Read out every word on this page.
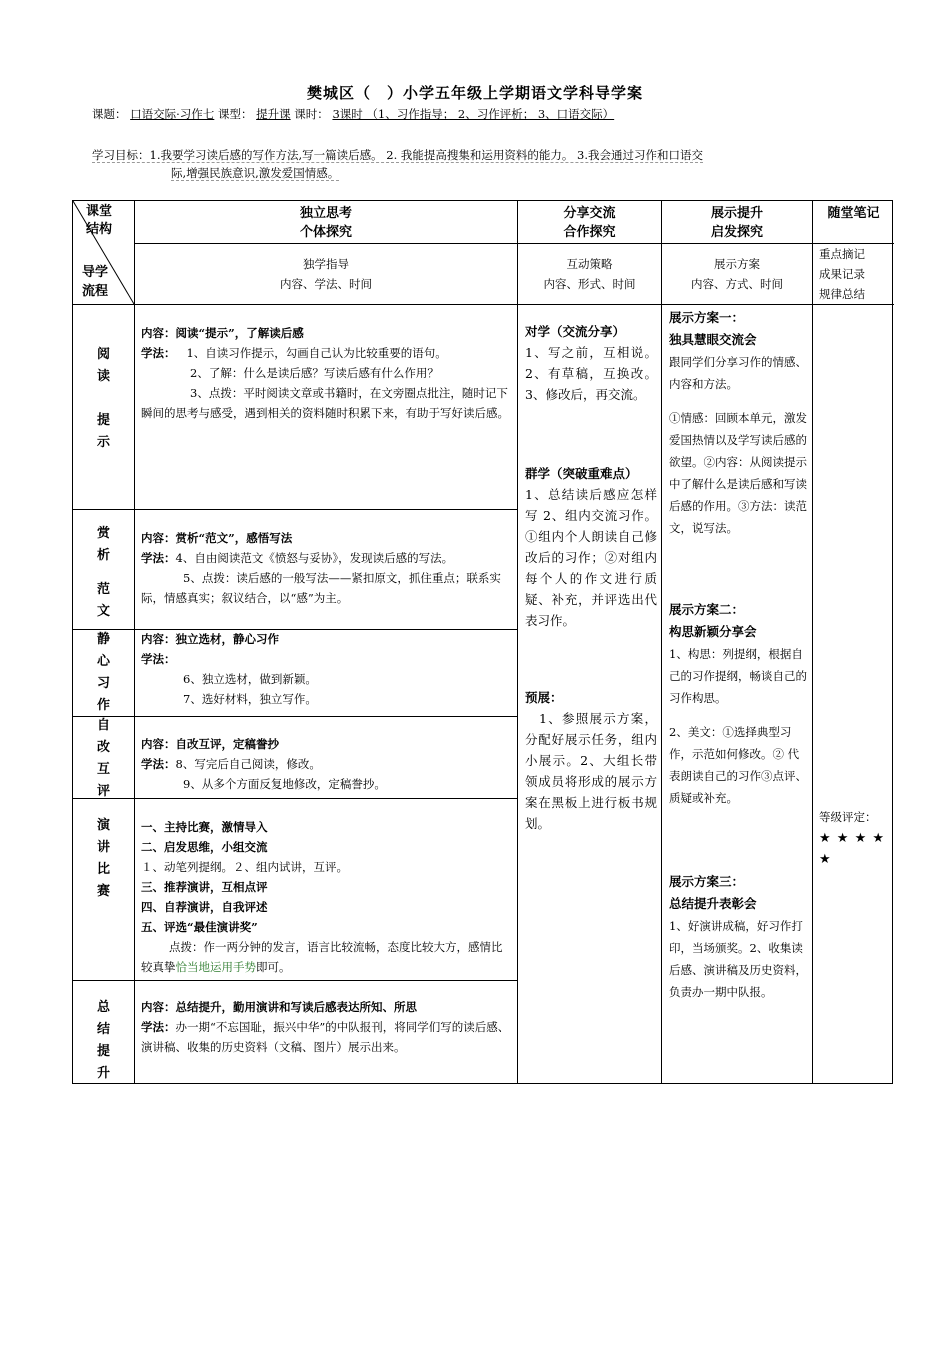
樊城区（　）小学五年级上学期语文学科导学案
课题： 口语交际·习作七 课型： 提升课 课时： 3课时 （1、习作指导； 2、习作评析； 3、口语交际）
学习目标：1.我要学习读后感的写作方法,写一篇读后感。 2. 我能提高搜集和运用资料的能力。 3.我会通过习作和口语交
际,增强民族意识,激发爱国情感。
课堂
结构
导学
流程
独立思考
个体探究
分享交流
合作探究
展示提升
启发探究
随堂笔记
独学指导
内容、学法、时间
互动策略
内容、形式、时间
展示方案
内容、方式、时间
重点摘记
成果记录
规律总结
阅
读
提
示
赏
析
范
文
静
心
习
作
自
改
互
评
演
讲
比
赛
总
结
提
升
内容：阅读“提示”，了解读后感
学法： 1、自读习作提示，勾画自己认为比较重要的语句。
2、了解：什么是读后感？写读后感有什么作用？
3、点拨：平时阅读文章或书籍时，在文旁圈点批注，随时记下瞬间的思考与感受，遇到相关的资料随时积累下来，有助于写好读后感。
内容：赏析“范文”，感悟写法
学法：4、自由阅读范文《愤怒与妥协》，发现读后感的写法。
5、点拨：读后感的一般写法——紧扣原文，抓住重点；联系实际，情感真实；叙议结合，以“感”为主。
内容：独立选材，静心习作
学法：
6、独立选材，做到新颖。
7、选好材料，独立写作。
内容：自改互评，定稿誊抄
学法：8、写完后自己阅读，修改。
9、从多个方面反复地修改，定稿誊抄。
一、主持比赛，激情导入
二、启发思维，小组交流
１、动笔列提纲。２、组内试讲，互评。
三、推荐演讲，互相点评
四、自荐演讲，自我评述
五、评选“最佳演讲奖”
点拨：作一两分钟的发言，语言比较流畅，态度比较大方，感情比较真挚恰当地运用手势即可。
内容：总结提升，勤用演讲和写读后感表达所知、所思
学法：办一期“不忘国耻，振兴中华”的中队报刊，将同学们写的读后感、演讲稿、收集的历史资料（文稿、图片）展示出来。
对学（交流分享）
1、写之前，互相说。2、有草稿，互换改。3、修改后，再交流。
群学（突破重难点）
1、总结读后感应怎样写 2、组内交流习作。①组内个人朗读自己修改后的习作；②对组内每个人的作文进行质疑、补充，并评选出代表习作。
预展：
1、参照展示方案，分配好展示任务，组内小展示。2、大组长带领成员将形成的展示方案在黑板上进行板书规划。
展示方案一：
独具慧眼交流会
跟同学们分享习作的情感、内容和方法。
①情感：回顾本单元，激发爱国热情以及学写读后感的欲望。②内容：从阅读提示中了解什么是读后感和写读后感的作用。③方法：读范文，说写法。
展示方案二：
构思新颖分享会
1、构思：列提纲，根据自己的习作提纲，畅谈自己的习作构思。
2、美文：①选择典型习作，示范如何修改。② 代表朗读自己的习作③点评、质疑或补充。
展示方案三：
总结提升表彰会
1、好演讲成稿，好习作打印，当场颁奖。2、收集读后感、演讲稿及历史资料，负责办一期中队报。
等级评定：
★ ★ ★ ★ ★
